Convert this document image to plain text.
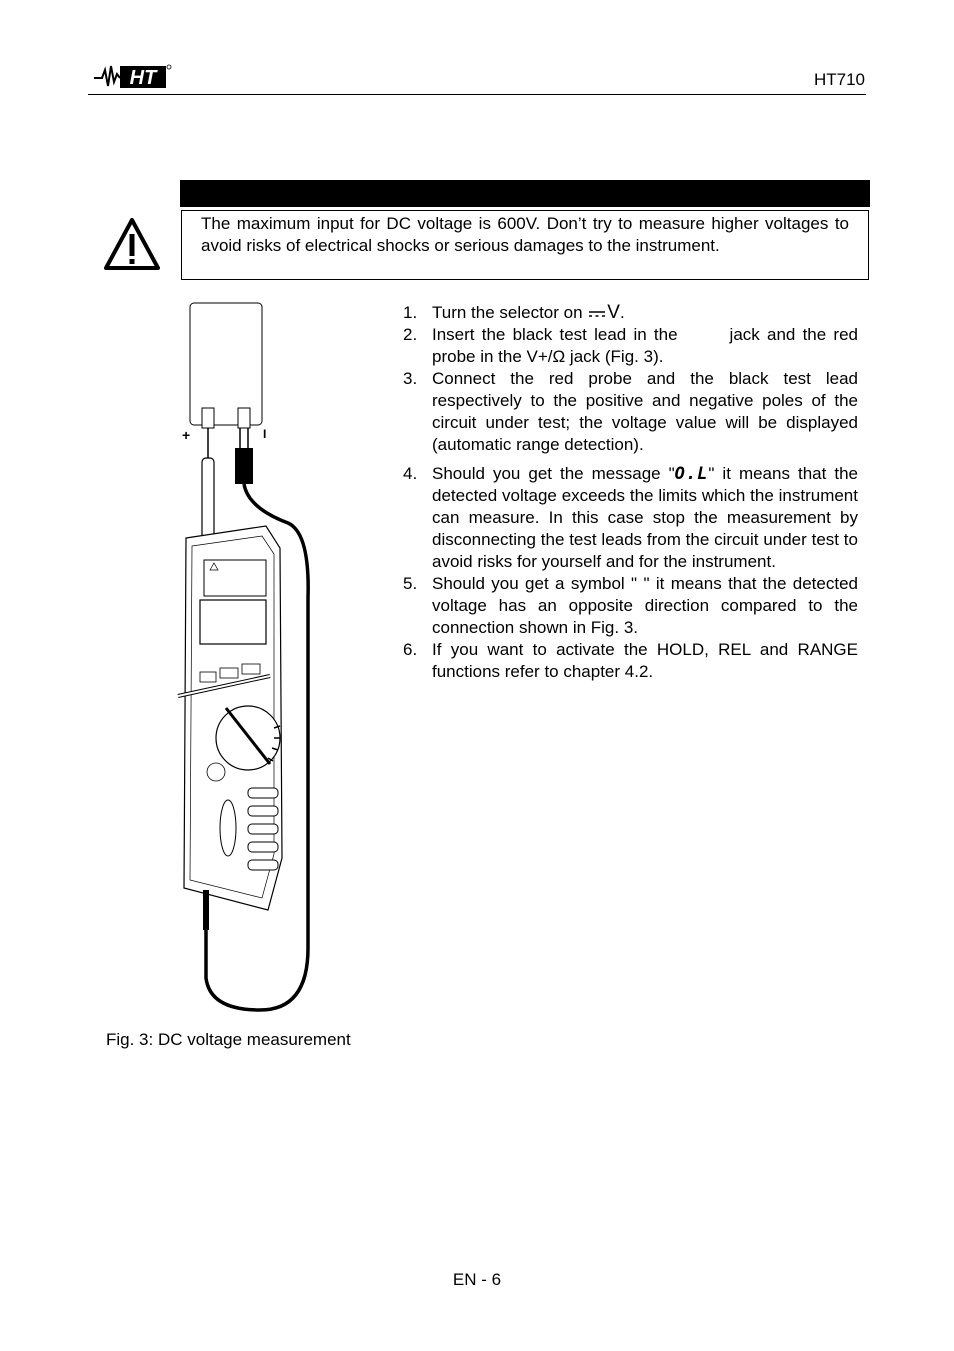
HT	HT710
The maximum input for DC voltage is 600V. Don’t try to measure higher voltages to avoid risks of electrical shocks or serious damages to the instrument.
+	I
1. Turn the selector on V.
2. Insert the black test lead in the	jack and the red probe in the V+/Ω jack (Fig. 3).
3. Connect the red probe and the black test lead respectively to the positive and negative poles of the circuit under test; the voltage value will be displayed (automatic range detection).
4. Should you get the message "O.L" it means that the detected voltage exceeds the limits which the instrument can measure. In this case stop the measurement by disconnecting the test leads from the circuit under test to avoid risks for yourself and for the instrument.
5. Should you get a symbol " " it means that the detected voltage has an opposite direction compared to the connection shown in Fig. 3.
6. If you want to activate the HOLD, REL and RANGE functions refer to chapter 4.2.
Fig. 3: DC voltage measurement
EN - 6
